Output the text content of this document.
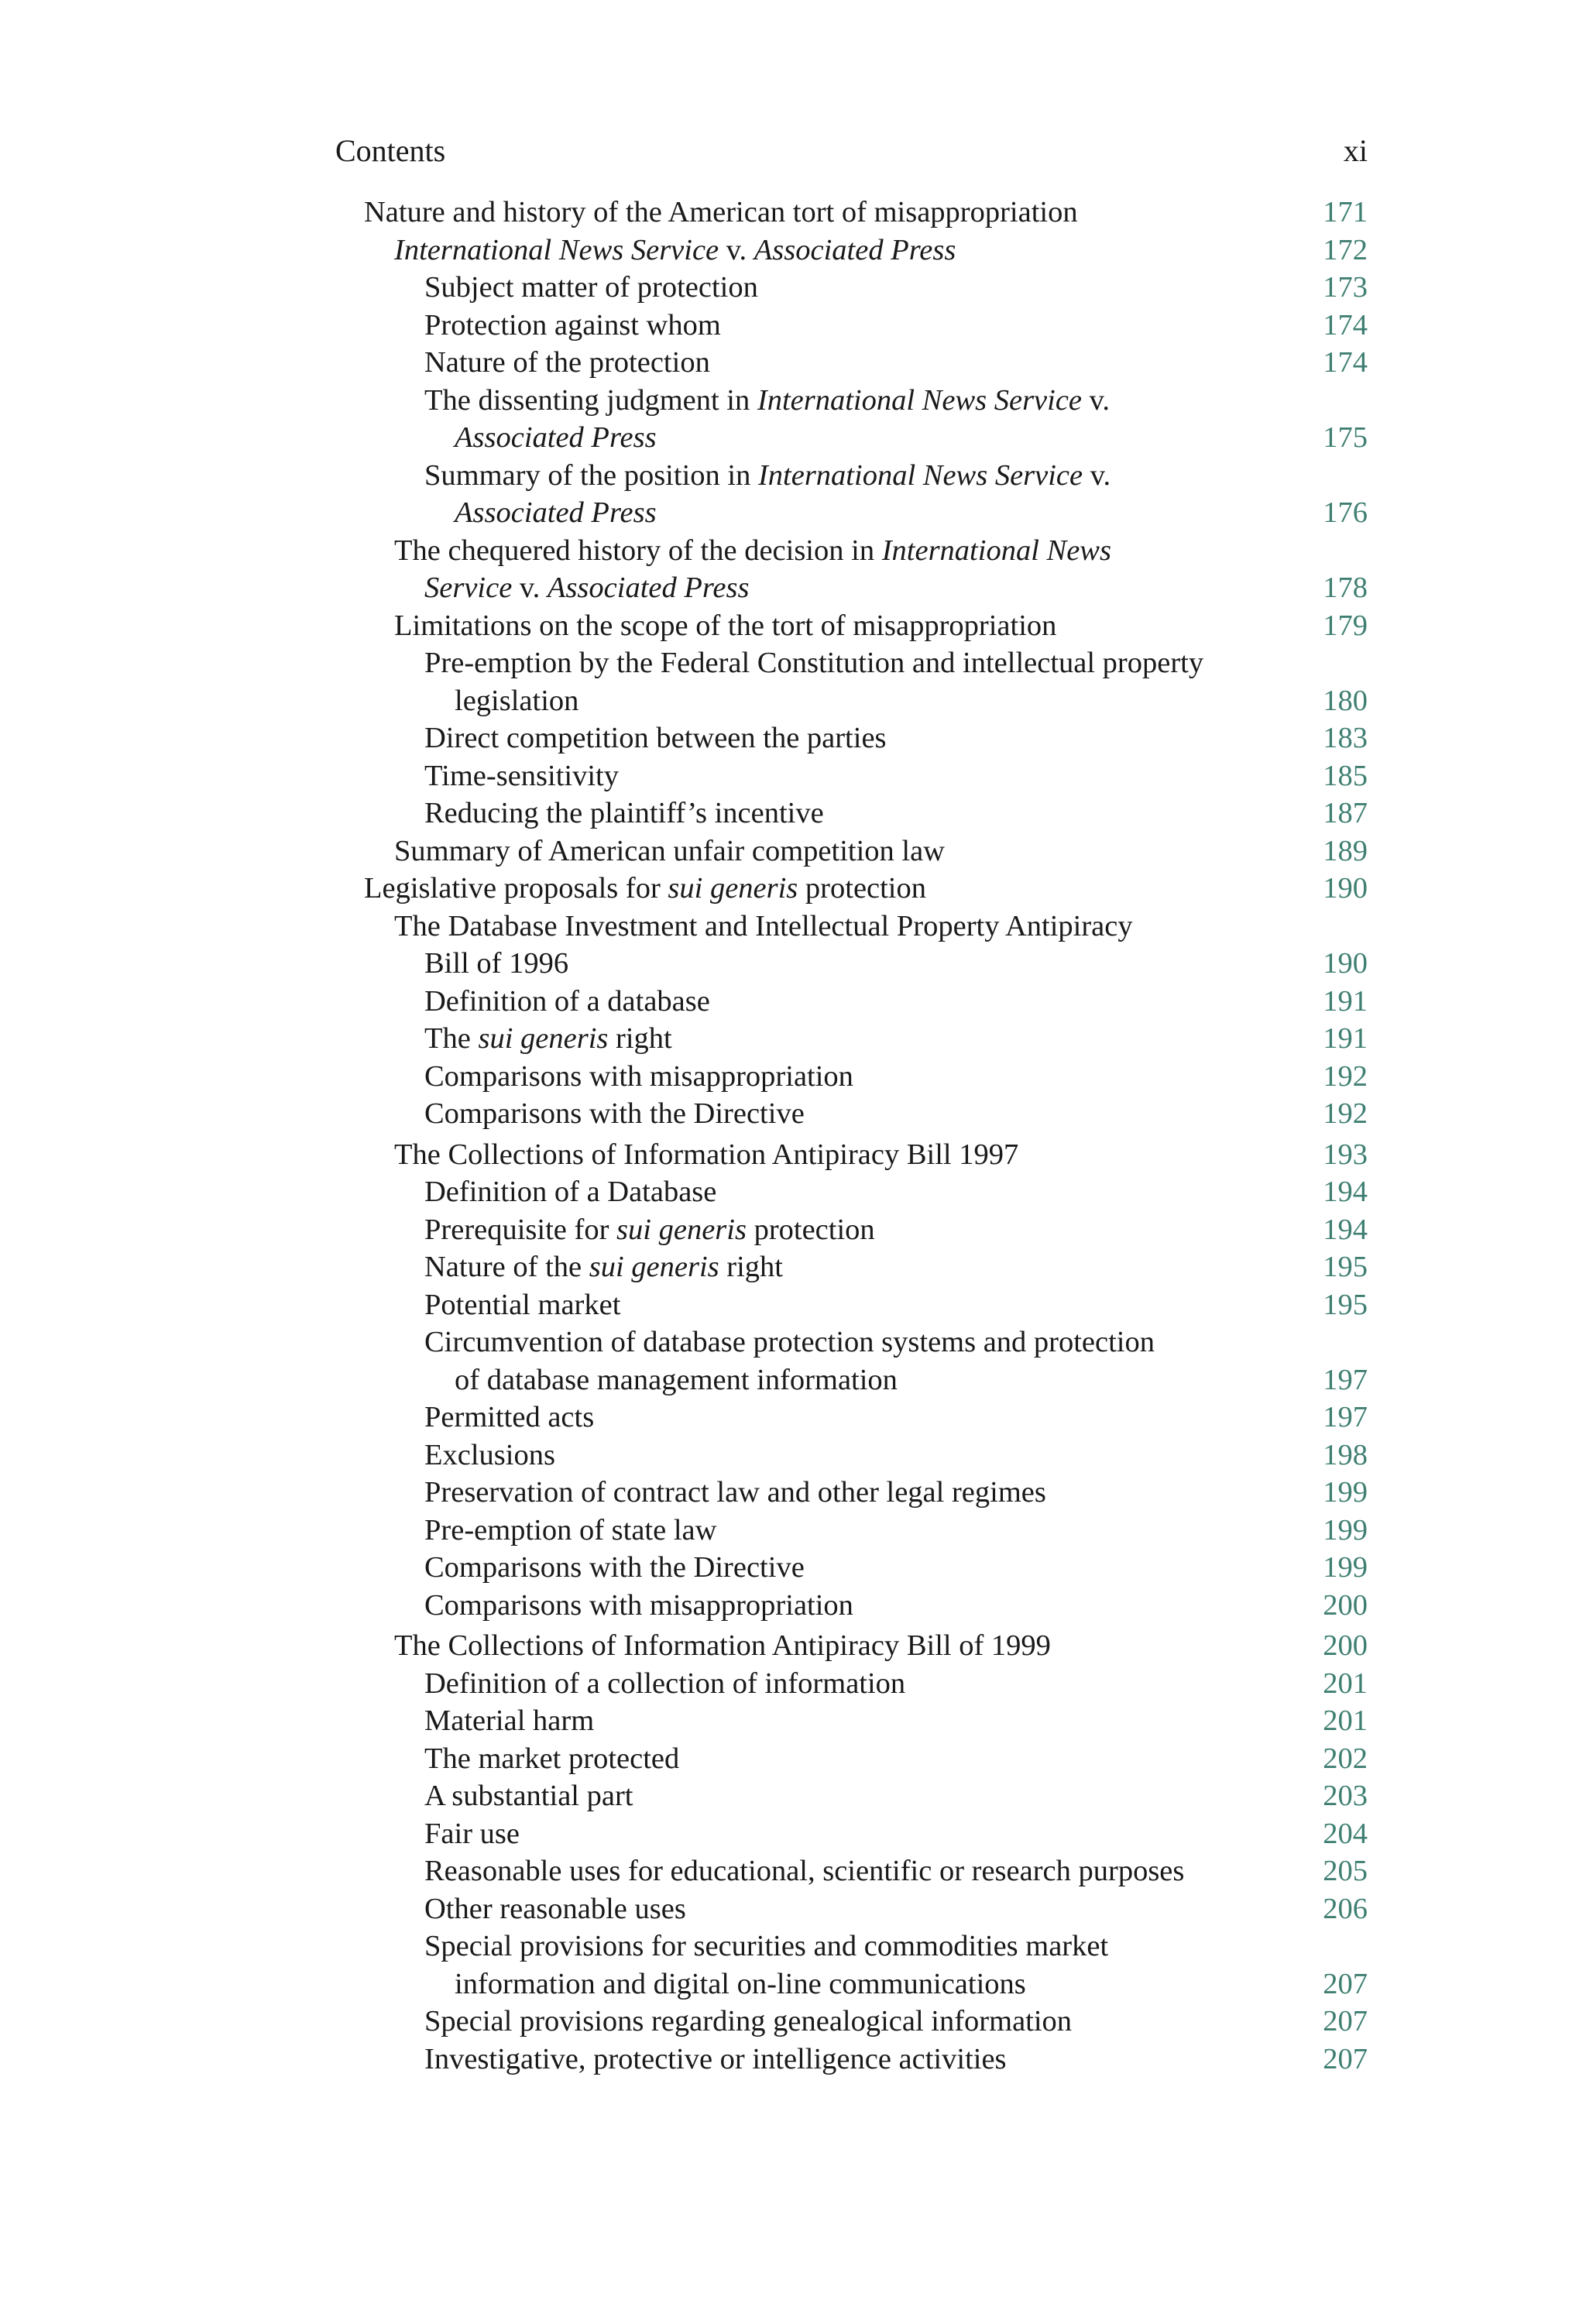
Contents	xi
Nature and history of the American tort of misappropriation	171
International News Service v. Associated Press	172
Subject matter of protection	173
Protection against whom	174
Nature of the protection	174
The dissenting judgment in International News Service v.
Associated Press	175
Summary of the position in International News Service v.
Associated Press	176
The chequered history of the decision in International News
Service v. Associated Press	178
Limitations on the scope of the tort of misappropriation	179
Pre-emption by the Federal Constitution and intellectual property
legislation	180
Direct competition between the parties	183
Time-sensitivity	185
Reducing the plaintiff’s incentive	187
Summary of American unfair competition law	189
Legislative proposals for sui generis protection	190
The Database Investment and Intellectual Property Antipiracy
Bill of 1996	190
Definition of a database	191
The sui generis right	191
Comparisons with misappropriation	192
Comparisons with the Directive	192
The Collections of Information Antipiracy Bill 1997	193
Definition of a Database	194
Prerequisite for sui generis protection	194
Nature of the sui generis right	195
Potential market	195
Circumvention of database protection systems and protection
of database management information	197
Permitted acts	197
Exclusions	198
Preservation of contract law and other legal regimes	199
Pre-emption of state law	199
Comparisons with the Directive	199
Comparisons with misappropriation	200
The Collections of Information Antipiracy Bill of 1999	200
Definition of a collection of information	201
Material harm	201
The market protected	202
A substantial part	203
Fair use	204
Reasonable uses for educational, scientific or research purposes	205
Other reasonable uses	206
Special provisions for securities and commodities market
information and digital on-line communications	207
Special provisions regarding genealogical information	207
Investigative, protective or intelligence activities	207
